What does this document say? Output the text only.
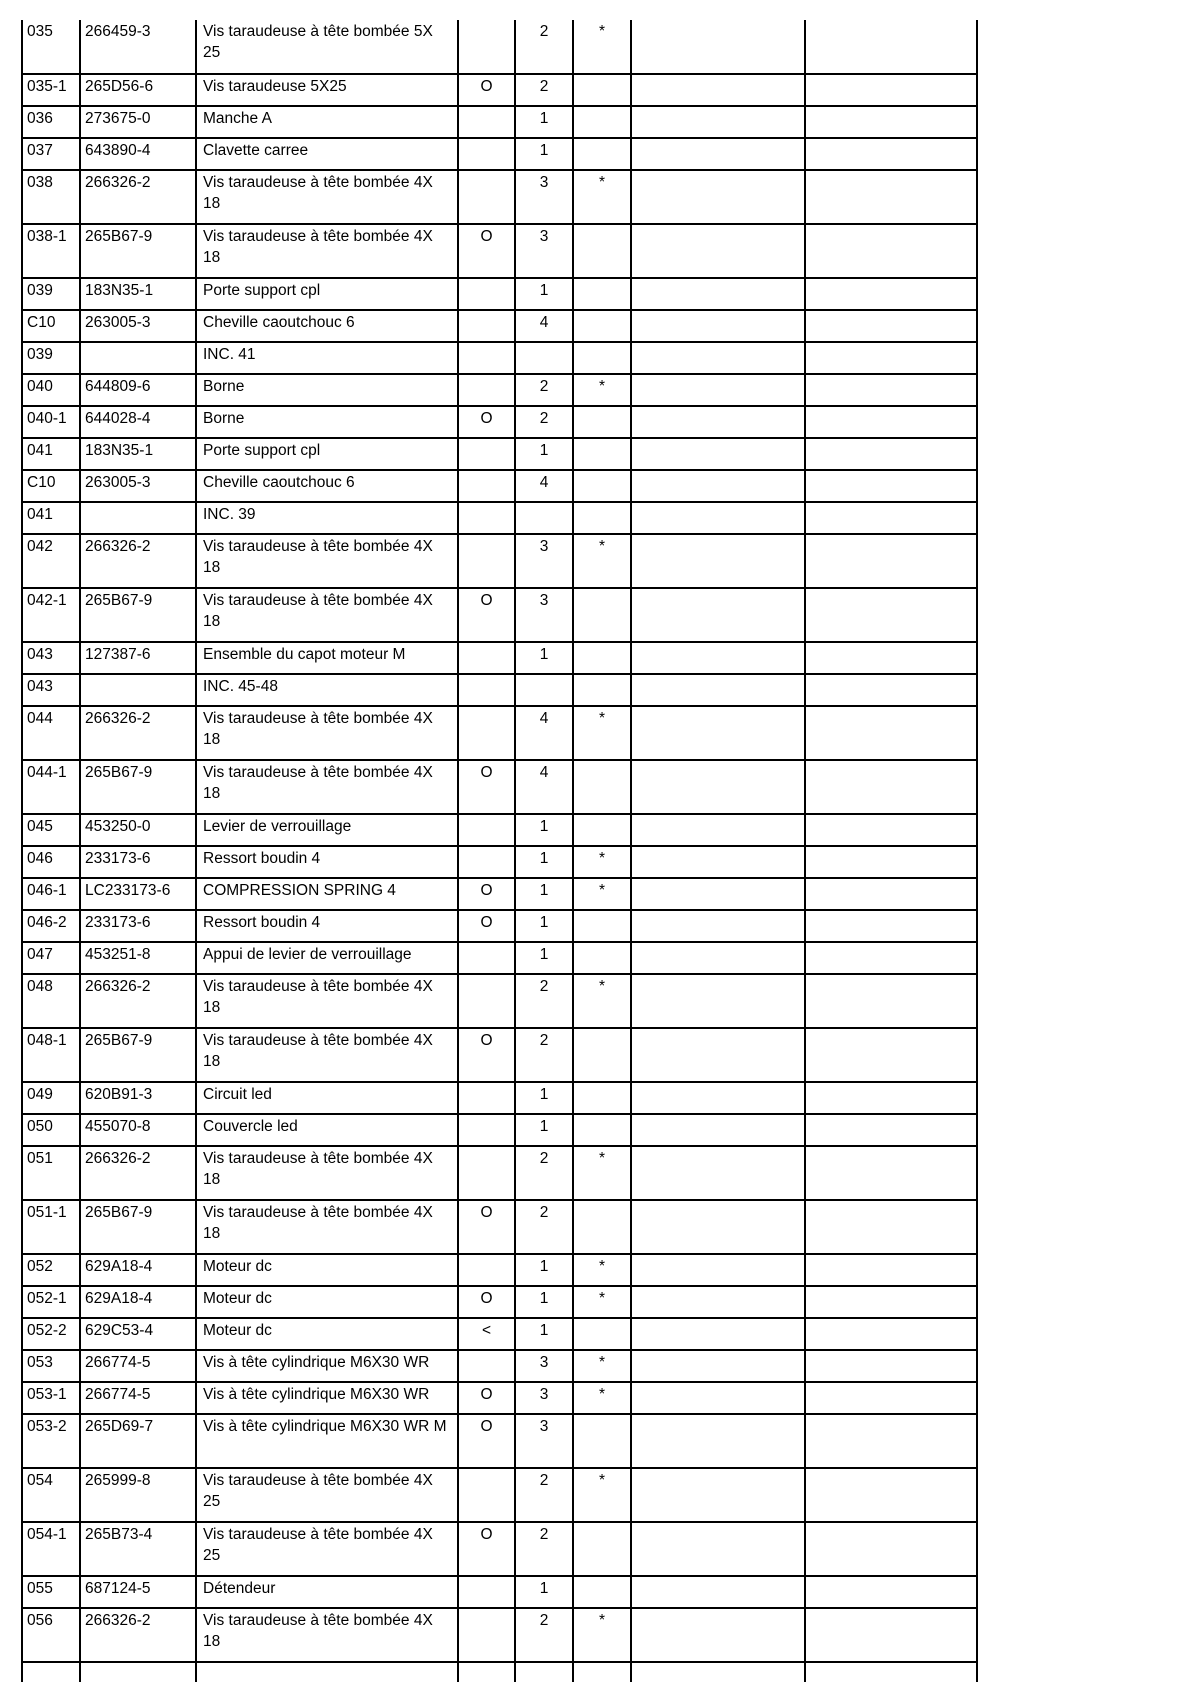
035	266459-3	Vis taraudeuse à tête bombée 5X 25		2	*		
035-1	265D56-6	Vis taraudeuse 5X25	O	2			
036	273675-0	Manche A		1			
037	643890-4	Clavette carree		1			
038	266326-2	Vis taraudeuse à tête bombée 4X 18		3	*		
038-1	265B67-9	Vis taraudeuse à tête bombée 4X 18	O	3			
039	183N35-1	Porte support cpl		1			
C10	263005-3	Cheville caoutchouc 6		4			
039		INC. 41					
040	644809-6	Borne		2	*		
040-1	644028-4	Borne	O	2			
041	183N35-1	Porte support cpl		1			
C10	263005-3	Cheville caoutchouc 6		4			
041		INC. 39					
042	266326-2	Vis taraudeuse à tête bombée 4X 18		3	*		
042-1	265B67-9	Vis taraudeuse à tête bombée 4X 18	O	3			
043	127387-6	Ensemble du capot moteur M		1			
043		INC. 45-48					
044	266326-2	Vis taraudeuse à tête bombée 4X 18		4	*		
044-1	265B67-9	Vis taraudeuse à tête bombée 4X 18	O	4			
045	453250-0	Levier de verrouillage		1			
046	233173-6	Ressort boudin 4		1	*		
046-1	LC233173-6	COMPRESSION SPRING 4	O	1	*		
046-2	233173-6	Ressort boudin 4	O	1			
047	453251-8	Appui de levier de verrouillage		1			
048	266326-2	Vis taraudeuse à tête bombée 4X 18		2	*		
048-1	265B67-9	Vis taraudeuse à tête bombée 4X 18	O	2			
049	620B91-3	Circuit led		1			
050	455070-8	Couvercle led		1			
051	266326-2	Vis taraudeuse à tête bombée 4X 18		2	*		
051-1	265B67-9	Vis taraudeuse à tête bombée 4X 18	O	2			
052	629A18-4	Moteur dc		1	*		
052-1	629A18-4	Moteur dc	O	1	*		
052-2	629C53-4	Moteur dc	<	1			
053	266774-5	Vis à tête cylindrique M6X30 WR		3	*		
053-1	266774-5	Vis à tête cylindrique M6X30 WR	O	3	*		
053-2	265D69-7	Vis à tête cylindrique M6X30 WR M	O	3			
054	265999-8	Vis taraudeuse à tête bombée 4X 25		2	*		
054-1	265B73-4	Vis taraudeuse à tête bombée 4X 25	O	2			
055	687124-5	Détendeur		1			
056	266326-2	Vis taraudeuse à tête bombée 4X 18		2	*		
